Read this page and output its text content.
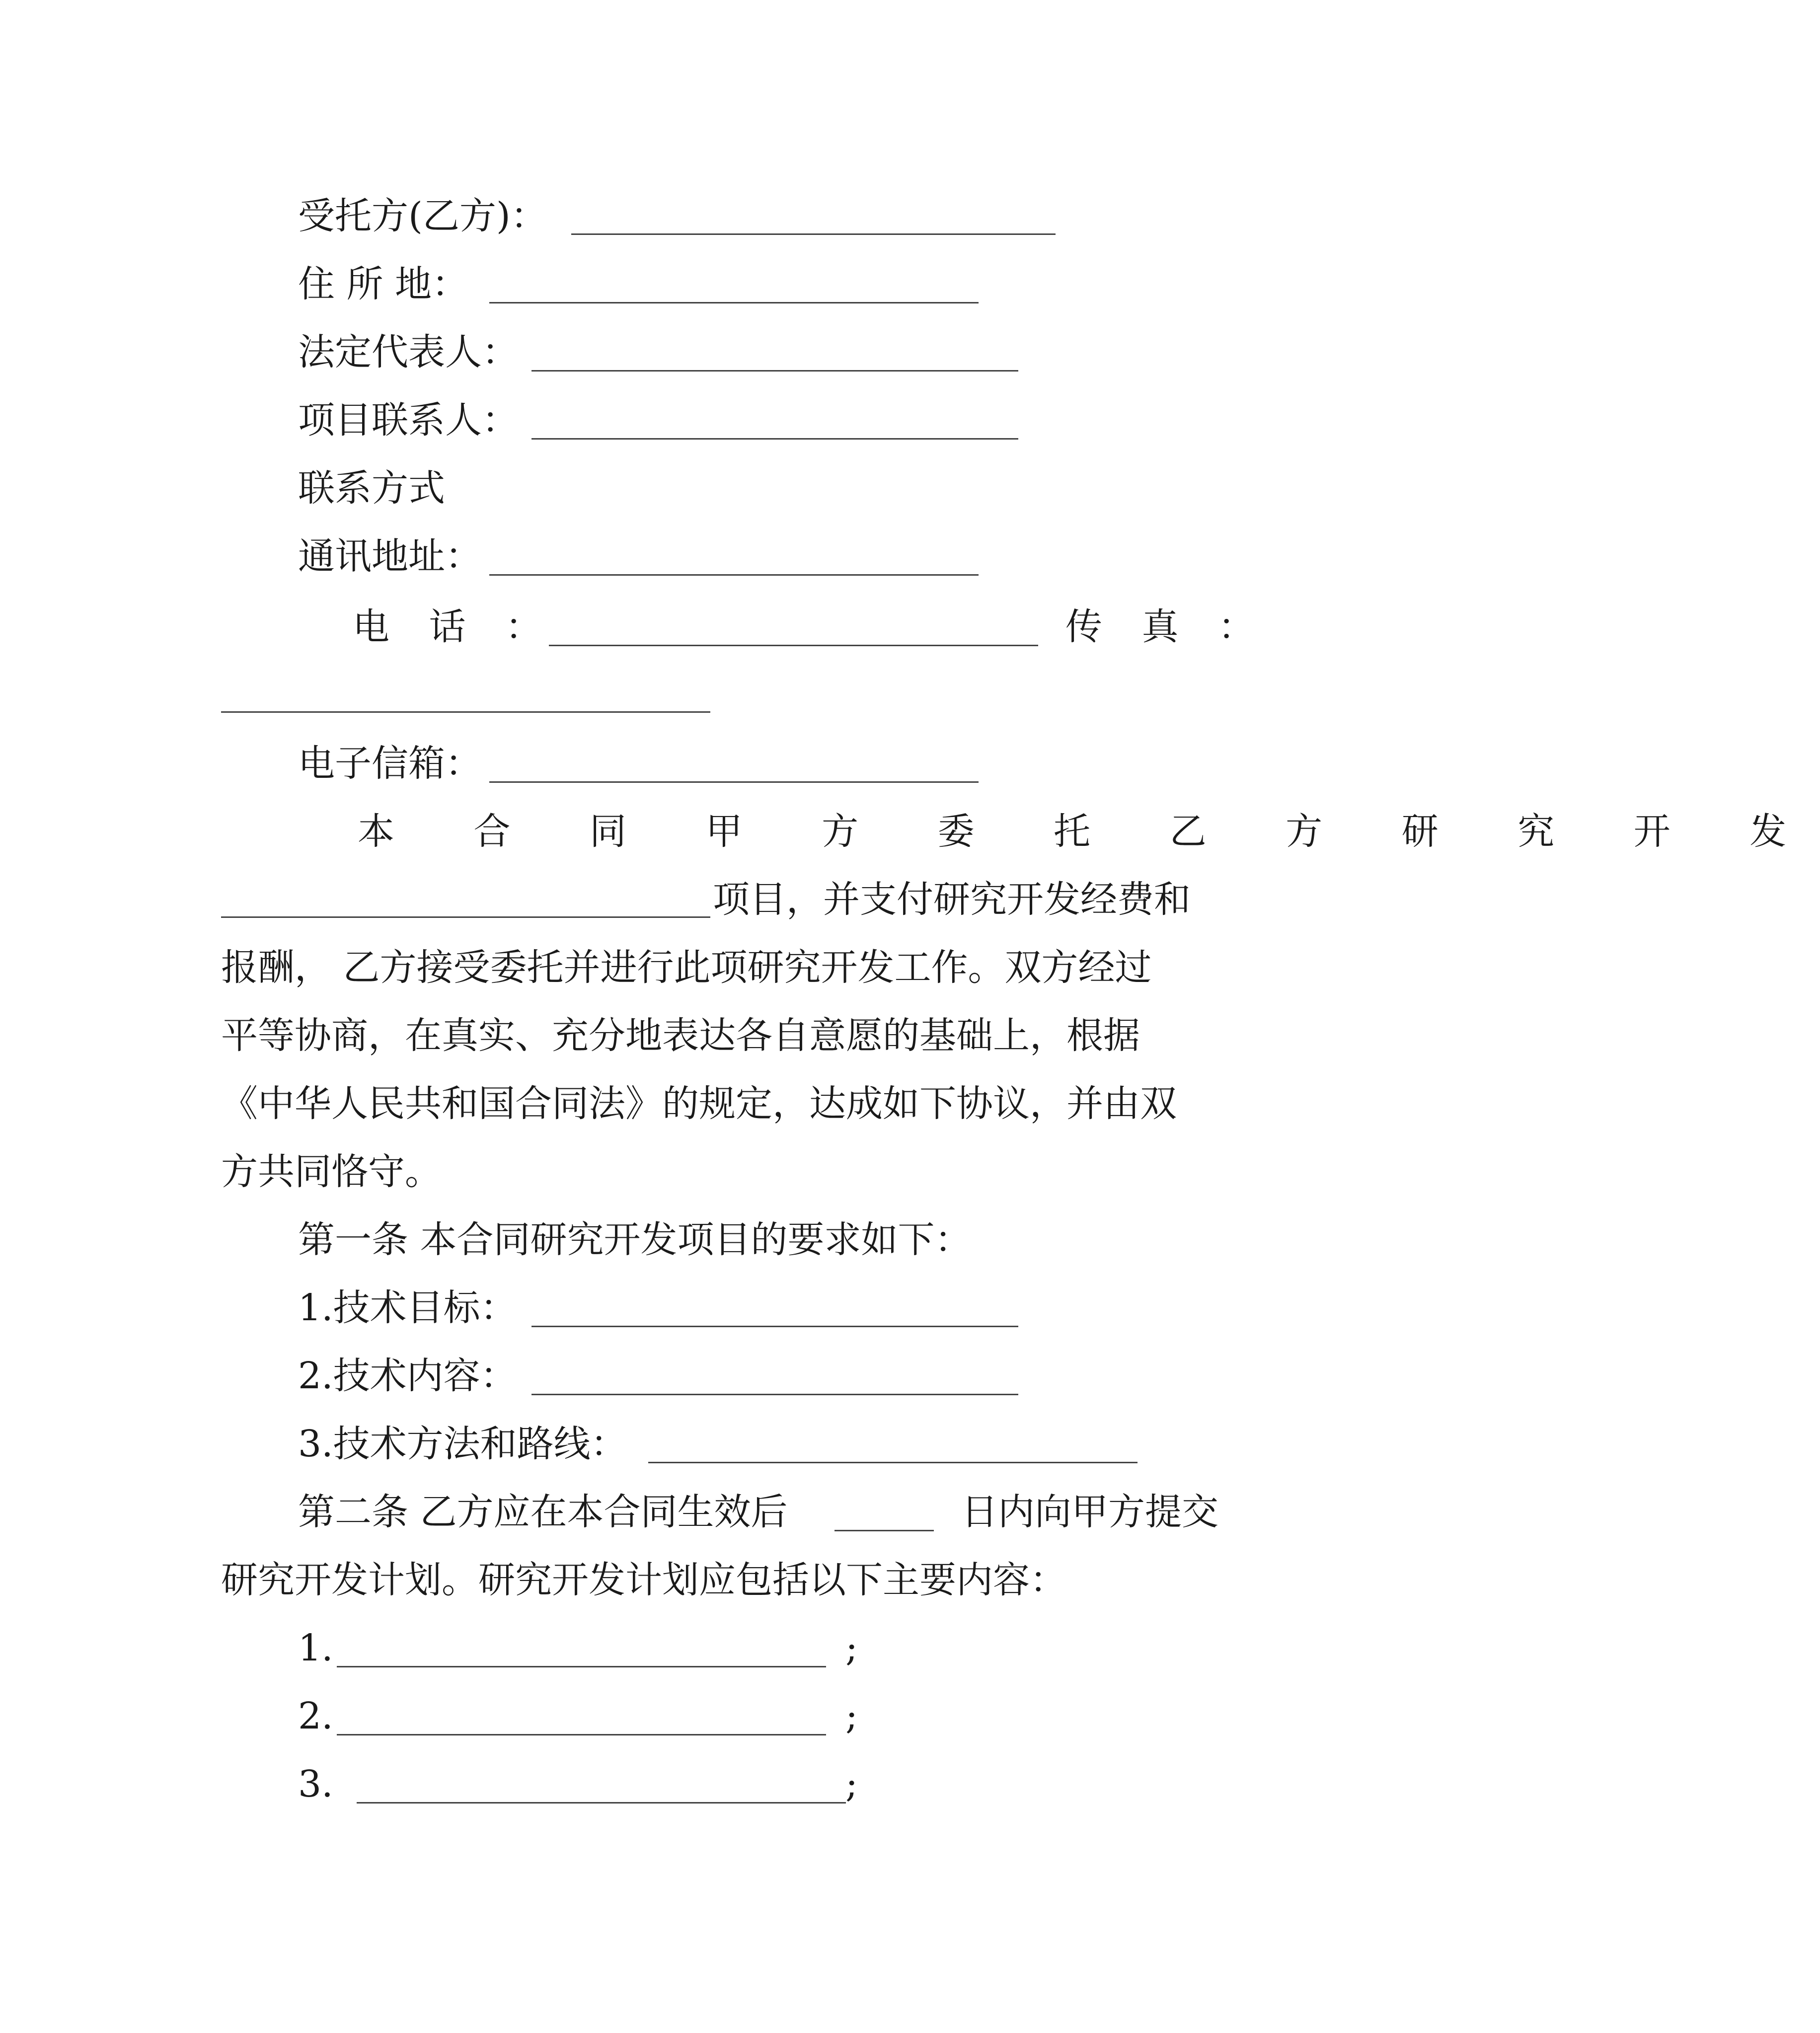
受托方(乙方)：
住 所 地：
法定代表人：
项目联系人：
联系方式
通讯地址：
电 话 ：	传 真 ：
电子信箱：
本 合 同 甲 方 委 托 乙 方 研 究 开 发
项目，并支付研究开发经费和
报酬， 乙方接受委托并进行此项研究开发工作。双方经过
平等协商，在真实、充分地表达各自意愿的基础上，根据
《中华人民共和国合同法》的规定，达成如下协议，并由双
方共同恪守。
第一条 本合同研究开发项目的要求如下：
1.技术目标：
2.技术内容：
3.技术方法和路线：
第二条 乙方应在本合同生效后	日内向甲方提交
研究开发计划。研究开发计划应包括以下主要内容：
1.	;
2.	;
3.	;
